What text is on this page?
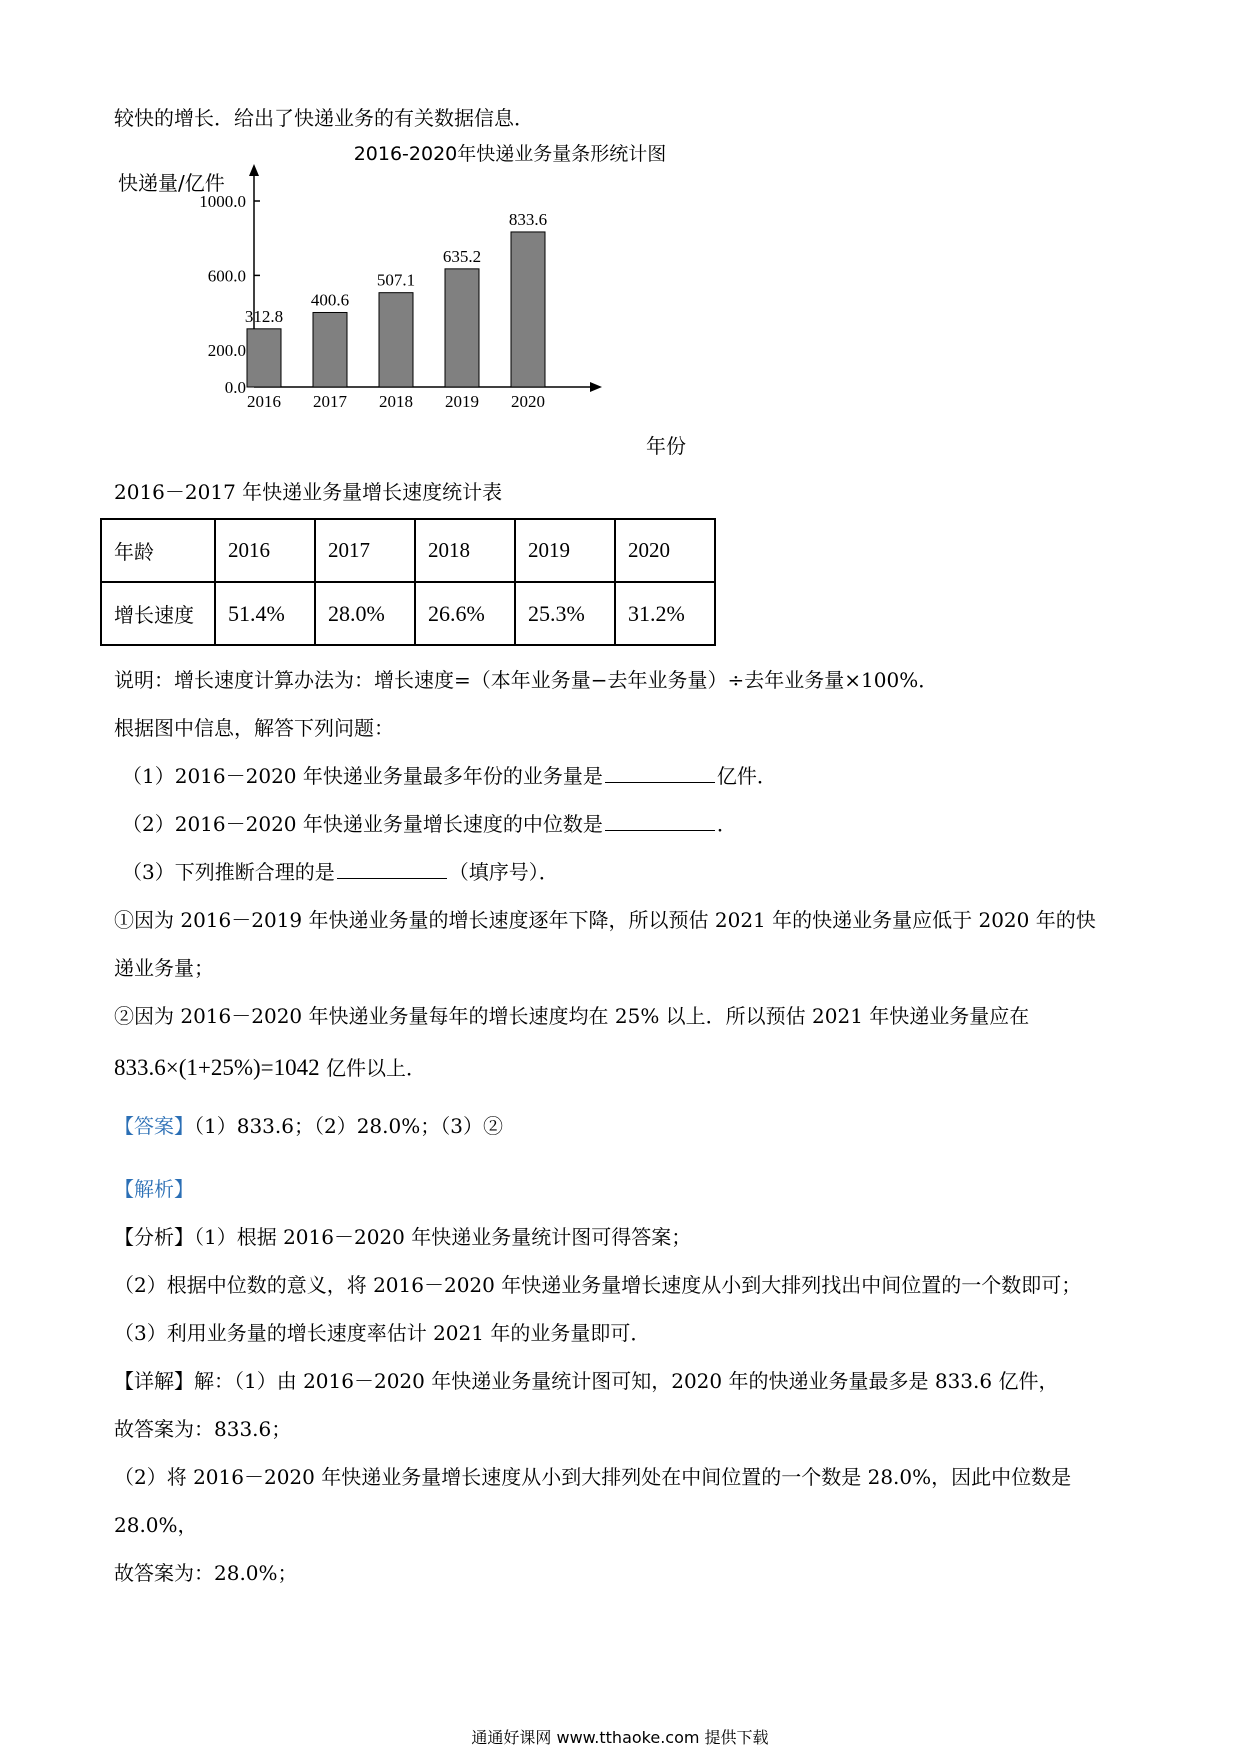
较快的增长．给出了快递业务的有关数据信息．
2016-2020年快递业务量条形统计图
快递量/亿件
年份
0.0
200.0
600.0
1000.0
312.8
400.6
507.1
635.2
833.6
2016 2017 2018 2019 2020
2016－2017 年快递业务量增长速度统计表
年龄	2016	2017	2018	2019	2020
增长速度	51.4%	28.0%	26.6%	25.3%	31.2%
说明：增长速度计算办法为：增长速度=（本年业务量−去年业务量）÷去年业务量×100%．
根据图中信息，解答下列问题：
（1）2016－2020 年快递业务量最多年份的业务量是	亿件．
（2）2016－2020 年快递业务量增长速度的中位数是	．
（3）下列推断合理的是	（填序号）．
①因为 2016－2019 年快递业务量的增长速度逐年下降，所以预估 2021 年的快递业务量应低于 2020 年的快
递业务量；
②因为 2016－2020 年快递业务量每年的增长速度均在 25% 以上．所以预估 2021 年快递业务量应在
833.6×(1+25%)=1042 亿件以上．
【答案】（1）833.6；（2）28.0%；（3）②
【解析】
【分析】（1）根据 2016－2020 年快递业务量统计图可得答案；
（2）根据中位数的意义，将 2016－2020 年快递业务量增长速度从小到大排列找出中间位置的一个数即可；
（3）利用业务量的增长速度率估计 2021 年的业务量即可．
【详解】解：（1）由 2016－2020 年快递业务量统计图可知，2020 年的快递业务量最多是 833.6 亿件，
故答案为：833.6；
（2）将 2016－2020 年快递业务量增长速度从小到大排列处在中间位置的一个数是 28.0%，因此中位数是
28.0%，
故答案为：28.0%；
通通好课网 www.tthaoke.com 提供下载
